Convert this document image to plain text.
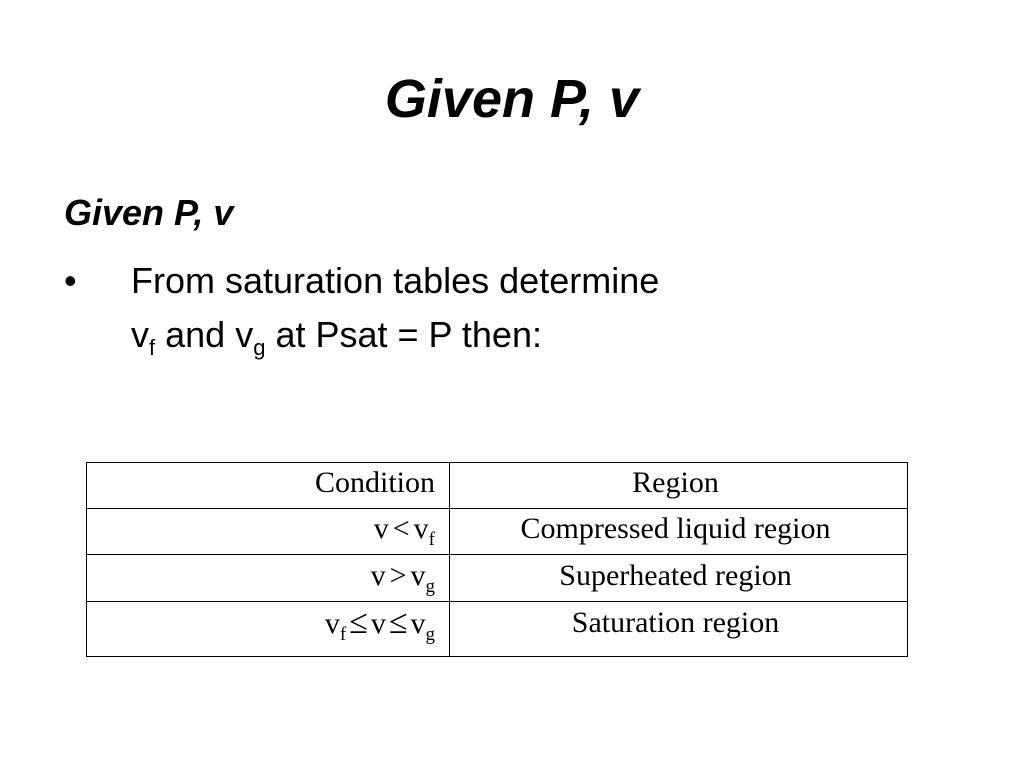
Given P, v
Given P, v
•	From saturation tables determine
$v_f$ and $v_g$ at Psat = P then:
Condition	Region
$v < v_f$	Compressed liquid region
$v > v_g$	Superheated region
$v_f\le v\le v_g$	Saturation region
